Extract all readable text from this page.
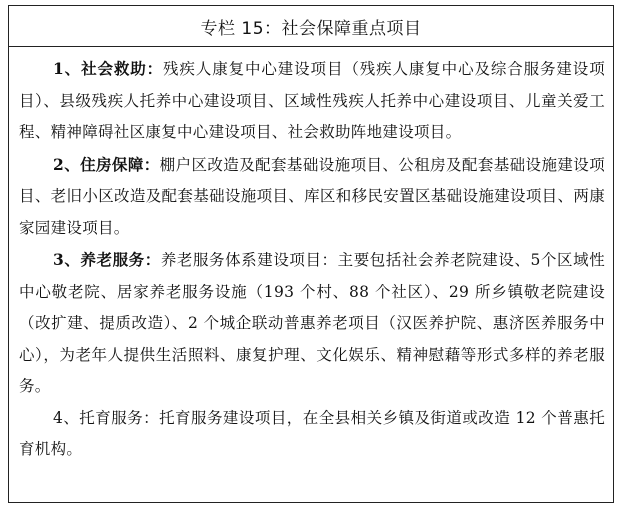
专栏 15：社会保障重点项目

1、社会救助：残疾人康复中心建设项目（残疾人康复中心及综合服务建设项目）、县级残疾人托养中心建设项目、区域性残疾人托养中心建设项目、儿童关爱工程、精神障碍社区康复中心建设项目、社会救助阵地建设项目。

2、住房保障：棚户区改造及配套基础设施项目、公租房及配套基础设施建设项目、老旧小区改造及配套基础设施项目、库区和移民安置区基础设施建设项目、两康家园建设项目。

3、养老服务：养老服务体系建设项目：主要包括社会养老院建设、5个区域性中心敬老院、居家养老服务设施（193 个村、88 个社区）、29 所乡镇敬老院建设（改扩建、提质改造）、2 个城企联动普惠养老项目（汉医养护院、惠济医养服务中心），为老年人提供生活照料、康复护理、文化娱乐、精神慰藉等形式多样的养老服务。

4、托育服务：托育服务建设项目，在全县相关乡镇及街道或改造 12 个普惠托育机构。
